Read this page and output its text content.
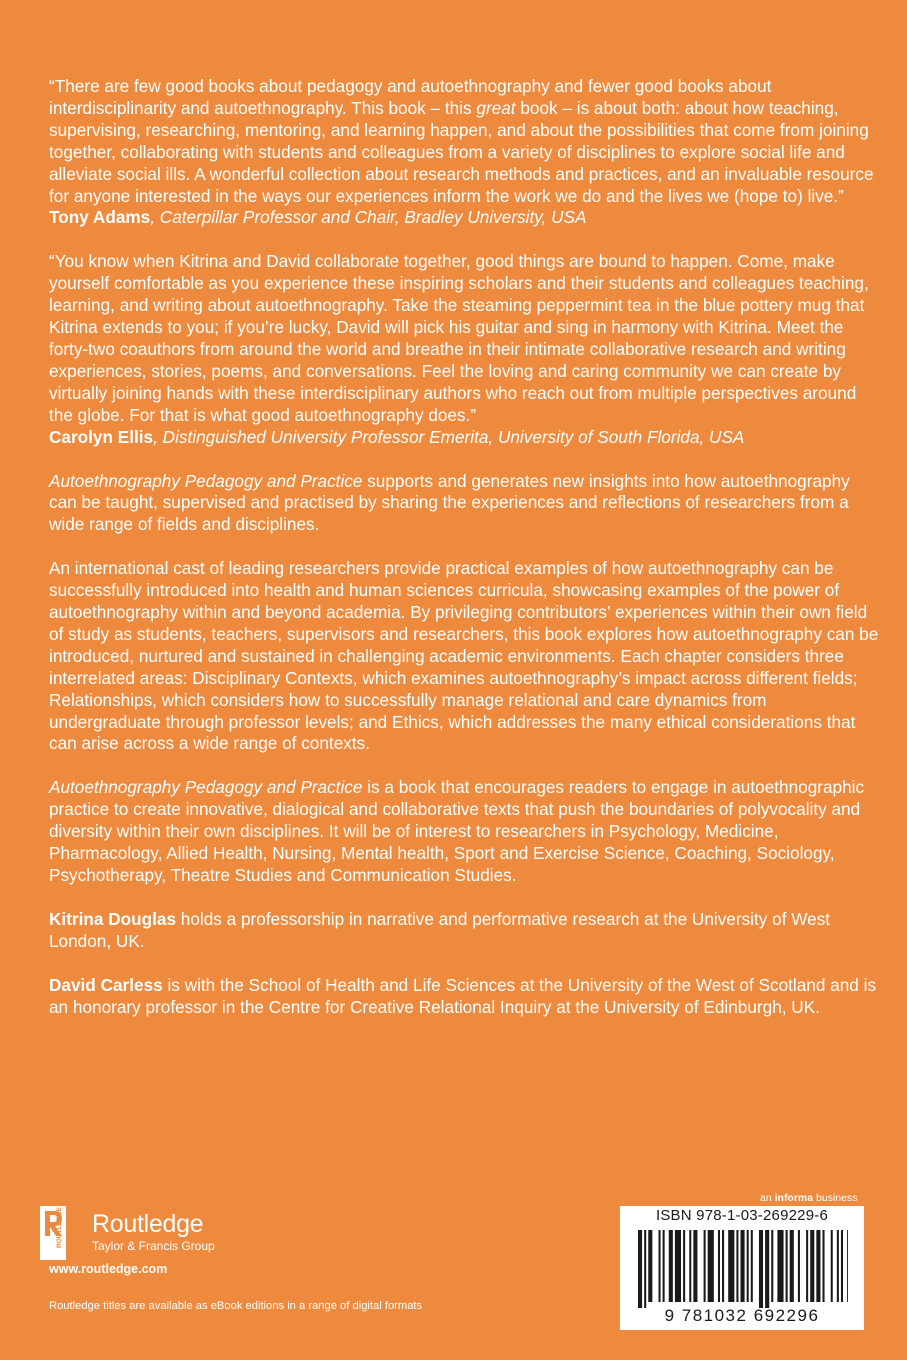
“There are few good books about pedagogy and autoethnography and fewer good books about interdisciplinarity and autoethnography. This book – this great book – is about both: about how teaching, supervising, researching, mentoring, and learning happen, and about the possibilities that come from joining together, collaborating with students and colleagues from a variety of disciplines to explore social life and alleviate social ills. A wonderful collection about research methods and practices, and an invaluable resource for anyone interested in the ways our experiences inform the work we do and the lives we (hope to) live.”

Tony Adams, Caterpillar Professor and Chair, Bradley University, USA

“You know when Kitrina and David collaborate together, good things are bound to happen. Come, make yourself comfortable as you experience these inspiring scholars and their students and colleagues teaching, learning, and writing about autoethnography. Take the steaming peppermint tea in the blue pottery mug that Kitrina extends to you; if you’re lucky, David will pick his guitar and sing in harmony with Kitrina. Meet the forty-two coauthors from around the world and breathe in their intimate collaborative research and writing experiences, stories, poems, and conversations. Feel the loving and caring community we can create by virtually joining hands with these interdisciplinary authors who reach out from multiple perspectives around the globe. For that is what good autoethnography does.”

Carolyn Ellis, Distinguished University Professor Emerita, University of South Florida, USA

Autoethnography Pedagogy and Practice supports and generates new insights into how autoethnography can be taught, supervised and practised by sharing the experiences and reflections of researchers from a wide range of fields and disciplines.

An international cast of leading researchers provide practical examples of how autoethnography can be successfully introduced into health and human sciences curricula, showcasing examples of the power of autoethnography within and beyond academia. By privileging contributors’ experiences within their own field of study as students, teachers, supervisors and researchers, this book explores how autoethnography can be introduced, nurtured and sustained in challenging academic environments. Each chapter considers three interrelated areas: Disciplinary Contexts, which examines autoethnography’s impact across different fields; Relationships, which considers how to successfully manage relational and care dynamics from undergraduate through professor levels; and Ethics, which addresses the many ethical considerations that can arise across a wide range of contexts.

Autoethnography Pedagogy and Practice is a book that encourages readers to engage in autoethnographic practice to create innovative, dialogical and collaborative texts that push the boundaries of polyvocality and diversity within their own disciplines. It will be of interest to researchers in Psychology, Medicine, Pharmacology, Allied Health, Nursing, Mental health, Sport and Exercise Science, Coaching, Sociology, Psychotherapy, Theatre Studies and Communication Studies.

Kitrina Douglas holds a professorship in narrative and performative research at the University of West London, UK.

David Carless is with the School of Health and Life Sciences at the University of the West of Scotland and is an honorary professor in the Centre for Creative Relational Inquiry at the University of Edinburgh, UK.

ROUTLEDGE Routledge
Taylor & Francis Group
www.routledge.com
Routledge titles are available as eBook editions in a range of digital formats
an informa business
ISBN 978-1-03-269229-6
9 781032 692296
